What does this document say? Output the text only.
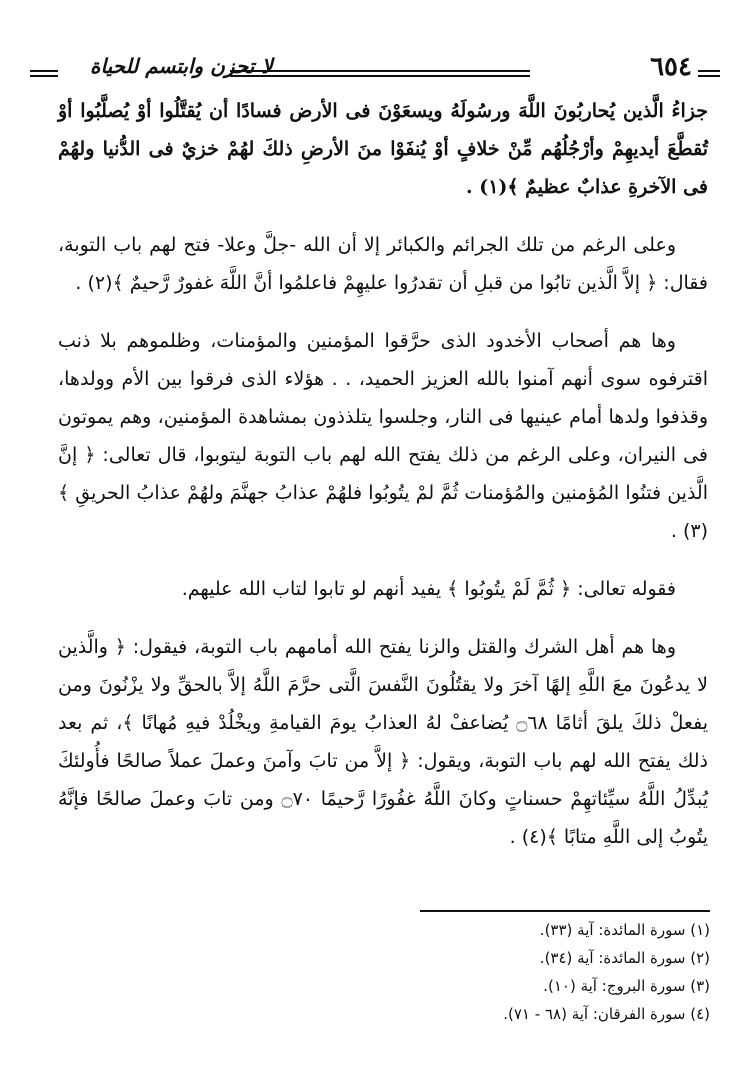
٦٥٤
لا تحزن وابتسم للحياة

جزاءُ الَّذين يُحاربُونَ اللَّهَ ورسُولَهُ ويسعَوْنَ فى الأرض فسادًا أن يُقتَّلُوا أوْ يُصلَّبُوا أوْ تُقطَّعَ أيديهِمْ وأرْجُلُهُم مِّنْ خلافٍ أوْ يُنفَوْا منَ الأرضِ ذلكَ لهُمْ خزيٌ فى الدُّنيا ولهُمْ فى الآخرةِ عذابٌ عظيمٌ ﴾(١) .

وعلى الرغم من تلك الجرائم والكبائر إلا أن الله -جلَّ وعلا- فتح لهم باب التوبة، فقال: ﴿ إلاَّ الَّذين تابُوا من قبلِ أن تقدرُوا عليهِمْ فاعلمُوا أنَّ اللَّهَ غفورٌ رَّحيمٌ ﴾(٢) .

وها هم أصحاب الأخدود الذى حرَّقوا المؤمنين والمؤمنات، وظلموهم بلا ذنب اقترفوه سوى أنهم آمنوا بالله العزيز الحميد، . . هؤلاء الذى فرقوا بين الأم وولدها، وقذفوا ولدها أمام عينيها فى النار، وجلسوا يتلذذون بمشاهدة المؤمنين، وهم يموتون فى النيران، وعلى الرغم من ذلك يفتح الله لهم باب التوبة ليتوبوا، قال تعالى: ﴿ إنَّ الَّذين فتنُوا المُؤمنين والمُؤمنات ثُمَّ لمْ يتُوبُوا فلهُمْ عذابُ جهنَّمَ ولهُمْ عذابُ الحريقِ ﴾(٣) .

فقوله تعالى: ﴿ ثُمَّ لَمْ يتُوبُوا ﴾ يفيد أنهم لو تابوا لتاب الله عليهم.

وها هم أهل الشرك والقتل والزنا يفتح الله أمامهم باب التوبة، فيقول: ﴿ والَّذين لا يدعُونَ معَ اللَّهِ إلهًا آخرَ ولا يقتُلُونَ النَّفسَ الَّتى حرَّمَ اللَّهُ إلاَّ بالحقِّ ولا يزْنُونَ ومن يفعلْ ذلكَ يلقَ أثامًا ۝٦٨ يُضاعفْ لهُ العذابُ يومَ القيامةِ ويخْلُدْ فيهِ مُهانًا ﴾، ثم بعد ذلك يفتح الله لهم باب التوبة، ويقول: ﴿ إلاَّ من تابَ وآمنَ وعملَ عملاً صالحًا فأُولئكَ يُبدِّلُ اللَّهُ سيِّئاتهِمْ حسناتٍ وكانَ اللَّهُ غفُورًا رَّحيمًا ۝٧٠ ومن تابَ وعملَ صالحًا فإنَّهُ يتُوبُ إلى اللَّهِ متابًا ﴾(٤) .

(١) سورة المائدة: آية (٣٣).
(٢) سورة المائدة: آية (٣٤).
(٣) سورة البروج: آية (١٠).
(٤) سورة الفرقان: آية (٦٨ - ٧١).
